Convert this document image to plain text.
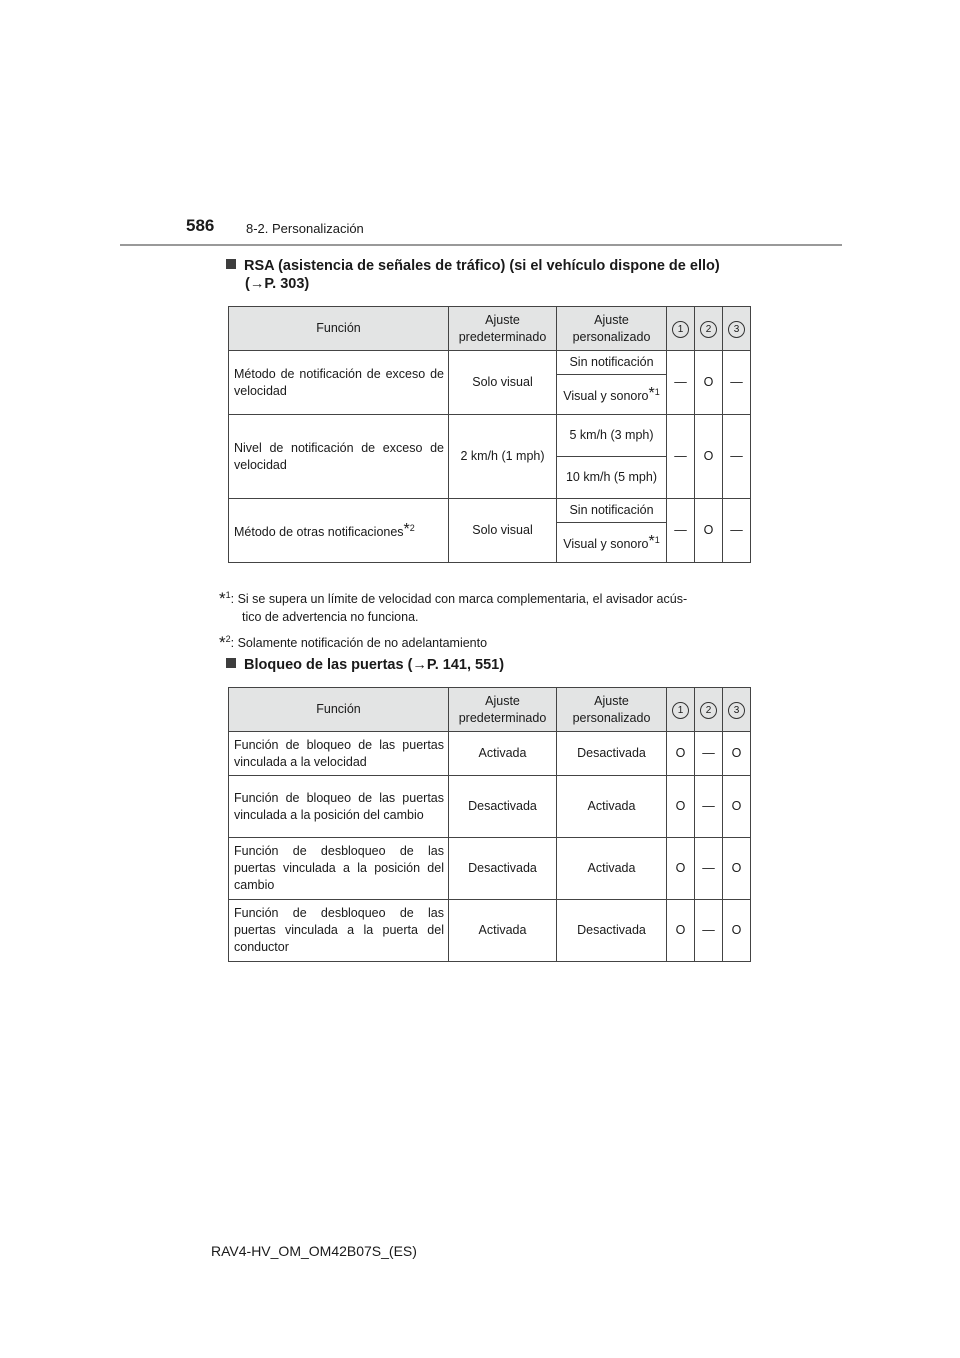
586 8-2. Personalización
RSA (asistencia de señales de tráfico) (si el vehículo dispone de ello)
(→P. 303)
Función	Ajuste predeterminado	Ajuste personalizado	1	2	3
Método de notificación de exceso de velocidad	Solo visual	Sin notificación	—	O	—
		Visual y sonoro*$^1$
Nivel de notificación de exceso de velocidad	2 km/h (1 mph)	5 km/h (3 mph)	—	O	—
		10 km/h (5 mph)			
Método de otras notificaciones*$^2$	Solo visual	Sin notificación	—	O	—
		Visual y sonoro*$^1$
*$^1$: Si se supera un límite de velocidad con marca complementaria, el avisador acús-
tico de advertencia no funciona.
*$^2$: Solamente notificación de no adelantamiento
Bloqueo de las puertas (→P. 141, 551)
Función	Ajuste predeterminado	Ajuste personalizado	1	2	3
Función de bloqueo de las puertas vinculada a la velocidad	Activada	Desactivada	O	—	O
Función de bloqueo de las puertas vinculada a la posición del cambio	Desactivada	Activada	O	—	O
Función de desbloqueo de las puertas vinculada a la posición del cambio	Desactivada	Activada	O	—	O
Función de desbloqueo de las puertas vinculada a la puerta del conductor	Activada	Desactivada	O	—	O
RAV4-HV_OM_OM42B07S_(ES)
